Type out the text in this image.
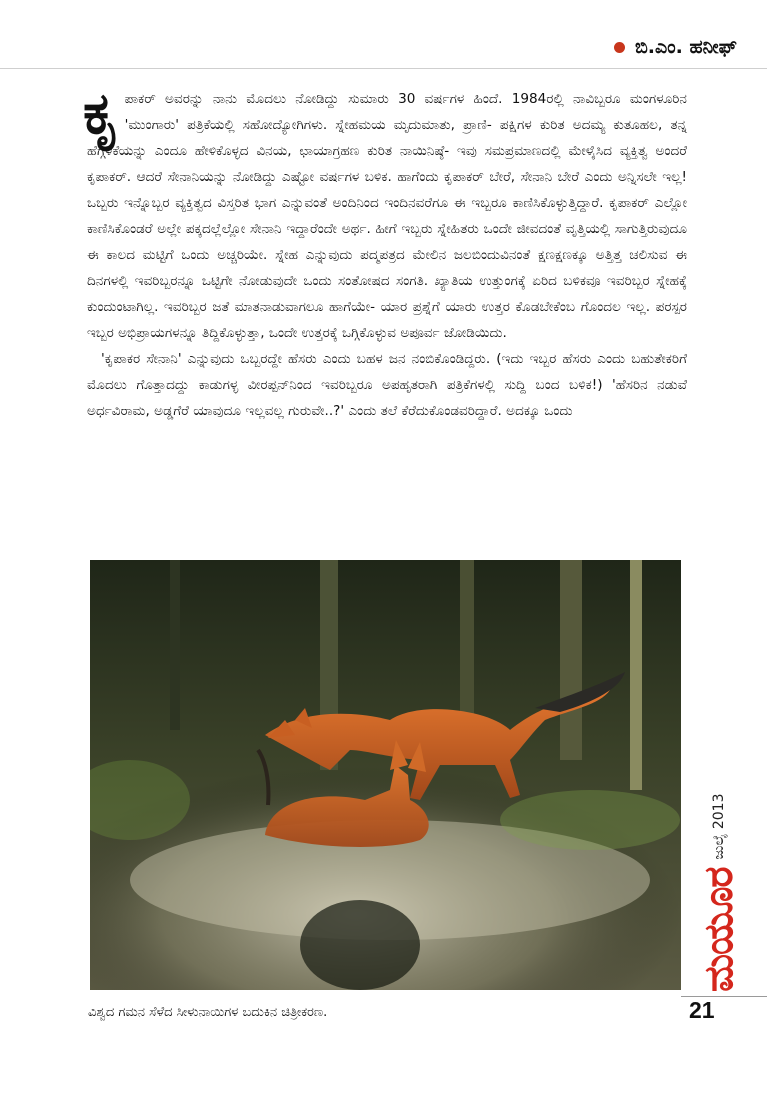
ಬಿ.ಎಂ. ಹನೀಫ್

ಕೃಪಾಕರ್ ಅವರನ್ನು ನಾನು ಮೊದಲು ನೋಡಿದ್ದು ಸುಮಾರು 30 ವರ್ಷಗಳ ಹಿಂದೆ. 1984ರಲ್ಲಿ ನಾವಿಬ್ಬರೂ ಮಂಗಳೂರಿನ 'ಮುಂಗಾರು' ಪತ್ರಿಕೆಯಲ್ಲಿ ಸಹೋದ್ಯೋಗಿಗಳು. ಸ್ನೇಹಮಯ ಮೃದುಮಾತು, ಪ್ರಾಣಿ- ಪಕ್ಷಿಗಳ ಕುರಿತ ಅದಮ್ಯ ಕುತೂಹಲ, ತನ್ನ ಹೆಗ್ಗಳಿಕೆಯನ್ನು ಎಂದೂ ಹೇಳಿಕೊಳ್ಳದ ವಿನಯ, ಛಾಯಾಗ್ರಹಣ ಕುರಿತ ನಾಯಿನಿಷ್ಠೆ- ಇವು ಸಮಪ್ರಮಾಣದಲ್ಲಿ ಮೇಳೈಸಿದ ವ್ಯಕ್ತಿತ್ವ ಅಂದರೆ ಕೃಪಾಕರ್. ಆದರೆ ಸೇನಾನಿಯನ್ನು ನೋಡಿದ್ದು ಎಷ್ಟೋ ವರ್ಷಗಳ ಬಳಿಕ. ಹಾಗೆಂದು ಕೃಪಾಕರ್ ಬೇರೆ, ಸೇನಾನಿ ಬೇರೆ ಎಂದು ಅನ್ನಿಸಲೇ ಇಲ್ಲ! ಒಬ್ಬರು ಇನ್ನೊಬ್ಬರ ವ್ಯಕ್ತಿತ್ವದ ವಿಸ್ತರಿತ ಭಾಗ ಎನ್ನುವಂತೆ ಅಂದಿನಿಂದ ಇಂದಿನವರೆಗೂ ಈ ಇಬ್ಬರೂ ಕಾಣಿಸಿಕೊಳ್ಳುತ್ತಿದ್ದಾರೆ. ಕೃಪಾಕರ್ ಎಲ್ಲೋ ಕಾಣಿಸಿಕೊಂಡರೆ ಅಲ್ಲೇ ಪಕ್ಕದಲ್ಲೆಲ್ಲೋ ಸೇನಾನಿ ಇದ್ದಾರೆಂದೇ ಅರ್ಥ. ಹೀಗೆ ಇಬ್ಬರು ಸ್ನೇಹಿತರು ಒಂದೇ ಜೀವದಂತೆ ವೃತ್ತಿಯಲ್ಲಿ ಸಾಗುತ್ತಿರುವುದೂ ಈ ಕಾಲದ ಮಟ್ಟಿಗೆ ಒಂದು ಅಚ್ಚರಿಯೇ. ಸ್ನೇಹ ಎನ್ನುವುದು ಪದ್ಮಪತ್ರದ ಮೇಲಿನ ಜಲಬಿಂದುವಿನಂತೆ ಕ್ಷಣಕ್ಷಣಕ್ಕೂ ಅತ್ತಿತ್ತ ಚಲಿಸುವ ಈ ದಿನಗಳಲ್ಲಿ ಇವರಿಬ್ಬರನ್ನೂ ಒಟ್ಟಿಗೇ ನೋಡುವುದೇ ಒಂದು ಸಂತೋಷದ ಸಂಗತಿ. ಖ್ಯಾತಿಯ ಉತ್ತುಂಗಕ್ಕೆ ಏರಿದ ಬಳಿಕವೂ ಇವರಿಬ್ಬರ ಸ್ನೇಹಕ್ಕೆ ಕುಂದುಂಟಾಗಿಲ್ಲ. ಇವರಿಬ್ಬರ ಜತೆ ಮಾತನಾಡುವಾಗಲೂ ಹಾಗೆಯೇ- ಯಾರ ಪ್ರಶ್ನೆಗೆ ಯಾರು ಉತ್ತರ ಕೊಡಬೇಕೆಂಬ ಗೊಂದಲ ಇಲ್ಲ. ಪರಸ್ಪರ ಇಬ್ಬರ ಅಭಿಪ್ರಾಯಗಳನ್ನೂ ತಿದ್ದಿಕೊಳ್ಳುತ್ತಾ, ಒಂದೇ ಉತ್ತರಕ್ಕೆ ಒಗ್ಗಿಕೊಳ್ಳುವ ಅಪೂರ್ವ ಜೋಡಿಯಿದು.

'ಕೃಪಾಕರ ಸೇನಾನಿ' ಎನ್ನುವುದು ಒಬ್ಬರದ್ದೇ ಹೆಸರು ಎಂದು ಬಹಳ ಜನ ನಂಬಿಕೊಂಡಿದ್ದರು. (ಇದು ಇಬ್ಬರ ಹೆಸರು ಎಂದು ಬಹುತೇಕರಿಗೆ ಮೊದಲು ಗೊತ್ತಾದದ್ದು ಕಾಡುಗಳ್ಳ ವೀರಪ್ಪನ್‌ನಿಂದ ಇವರಿಬ್ಬರೂ ಅಪಹೃತರಾಗಿ ಪತ್ರಿಕೆಗಳಲ್ಲಿ ಸುದ್ದಿ ಬಂದ ಬಳಿಕ!) 'ಹೆಸರಿನ ನಡುವೆ ಅರ್ಧವಿರಾಮ, ಅಡ್ಡಗೆರೆ ಯಾವುದೂ ಇಲ್ಲವಲ್ಲ ಗುರುವೇ..?' ಎಂದು ತಲೆ ಕೆರೆದುಕೊಂಡವರಿದ್ದಾರೆ. ಅದಕ್ಕೂ ಒಂದು

ವಿಶ್ವದ ಗಮನ ಸೆಳೆದ ಸೀಳುನಾಯಿಗಳ ಬದುಕಿನ ಚಿತ್ರೀಕರಣ.
ಮಯೂರ
ಜುಲೈ 2013
21
